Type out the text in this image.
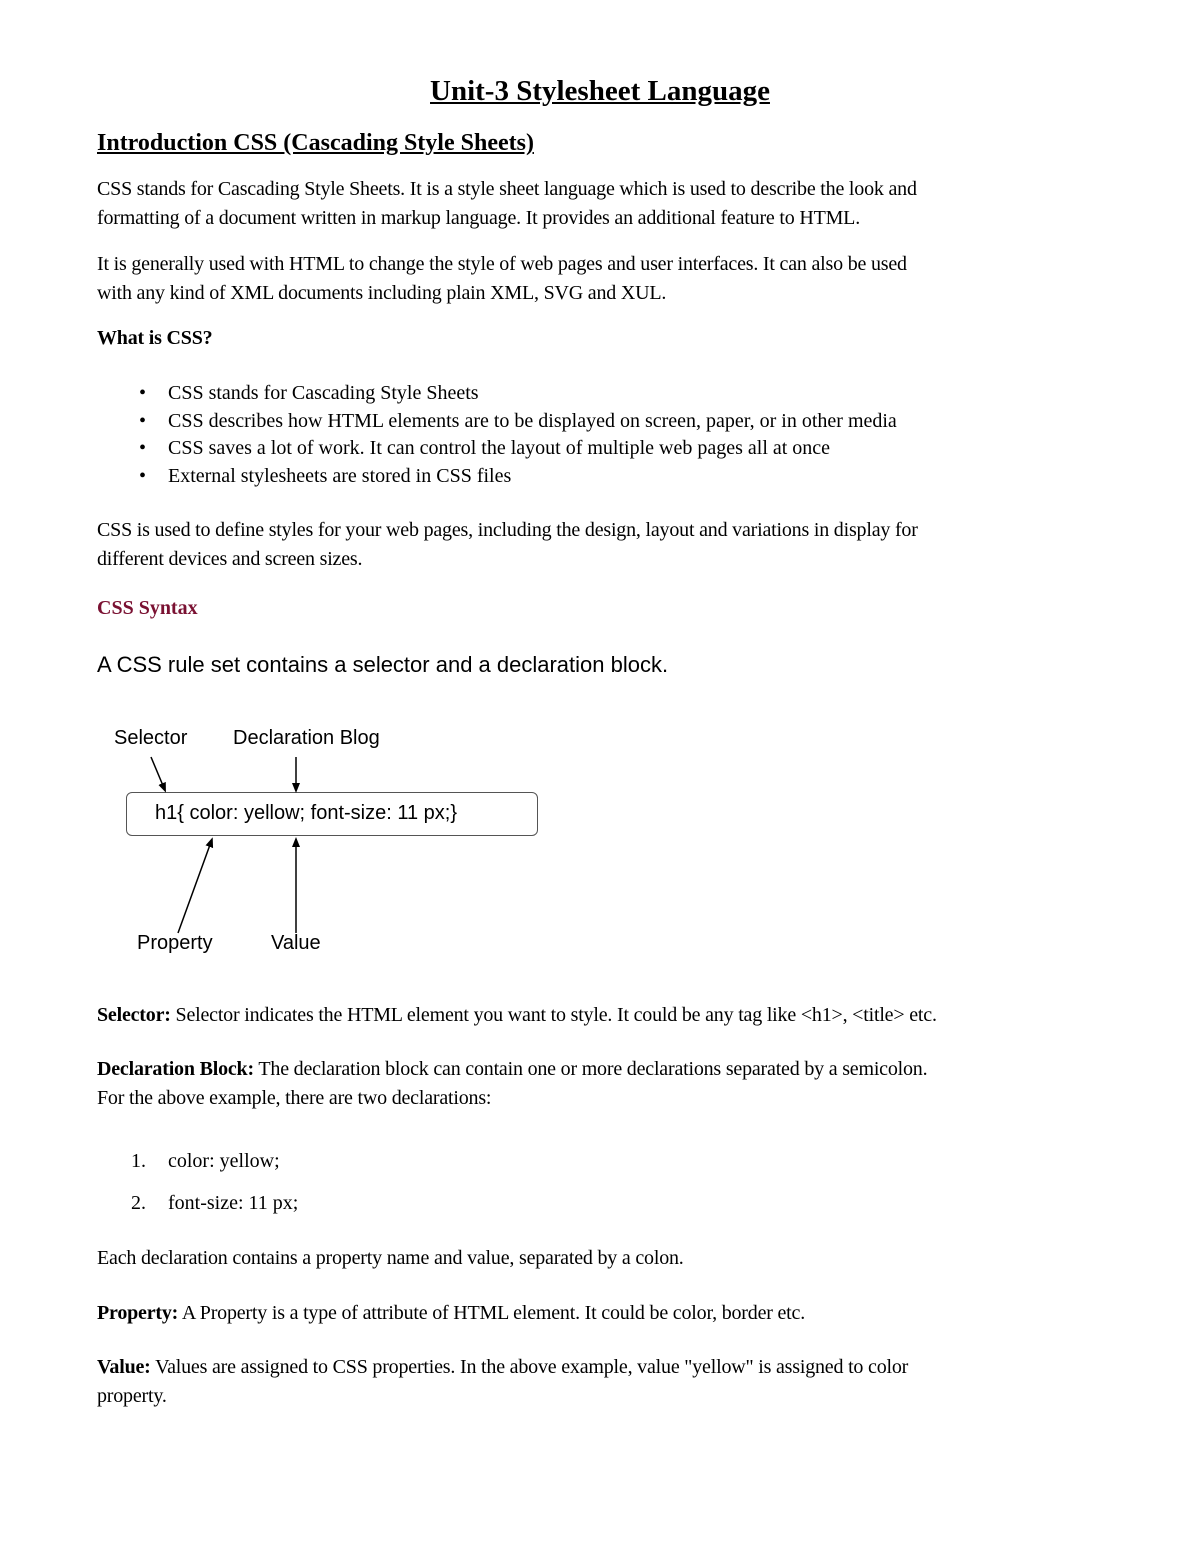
Unit-3 Stylesheet Language
Introduction CSS (Cascading Style Sheets)
CSS stands for Cascading Style Sheets. It is a style sheet language which is used to describe the look and
formatting of a document written in markup language. It provides an additional feature to HTML.
It is generally used with HTML to change the style of web pages and user interfaces. It can also be used
with any kind of XML documents including plain XML, SVG and XUL.
What is CSS?
• CSS stands for Cascading Style Sheets
• CSS describes how HTML elements are to be displayed on screen, paper, or in other media
• CSS saves a lot of work. It can control the layout of multiple web pages all at once
• External stylesheets are stored in CSS files
CSS is used to define styles for your web pages, including the design, layout and variations in display for
different devices and screen sizes.
CSS Syntax
A CSS rule set contains a selector and a declaration block.
Selector Declaration Blog
h1{ color: yellow; font-size: 11 px;}
Property	Value
Selector: Selector indicates the HTML element you want to style. It could be any tag like <h1>, <title> etc.
Declaration Block: The declaration block can contain one or more declarations separated by a semicolon.
For the above example, there are two declarations:
1. color: yellow;
2. font-size: 11 px;
Each declaration contains a property name and value, separated by a colon.
Property: A Property is a type of attribute of HTML element. It could be color, border etc.
Value: Values are assigned to CSS properties. In the above example, value "yellow" is assigned to color
property.
